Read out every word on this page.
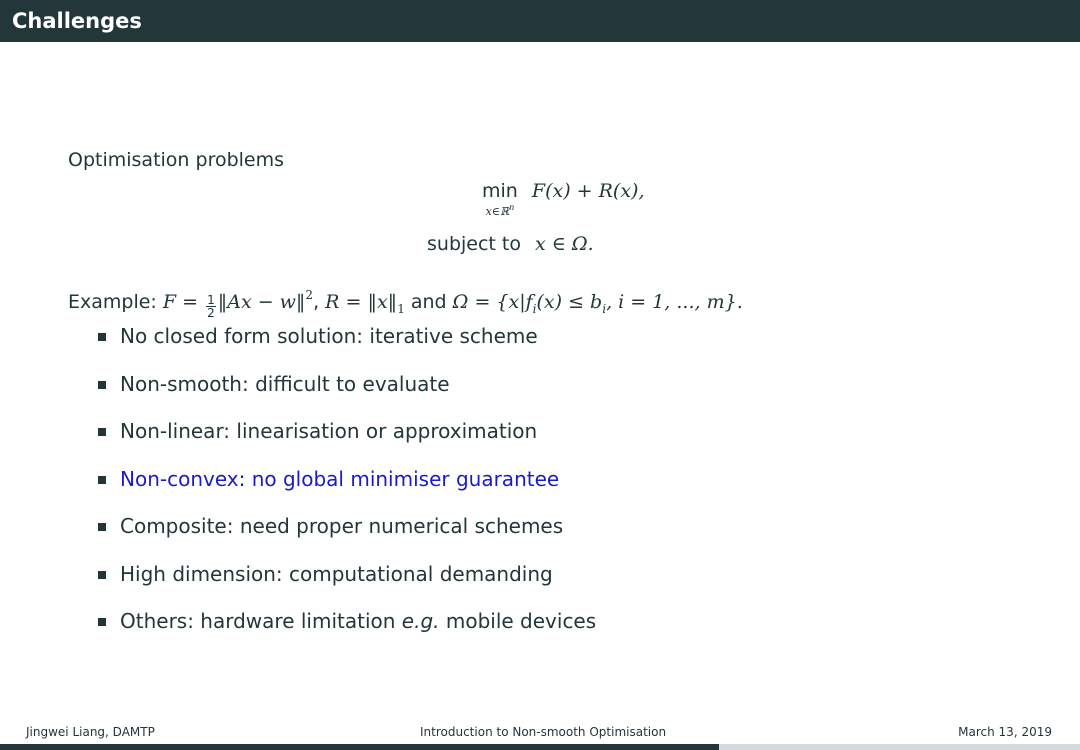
Challenges
Optimisation problems
min
x∈ℝ$^n$
F(x) + R(x),
subject to x ∈ Ω.
Example: $F = \frac{1}{2}$ ‖Ax − w‖$^2$, $R = ‖x‖_1$ and $\Omega = \{x|f_i(x) \le b_i$, i = 1, ..., m}.
No closed form solution: iterative scheme
Non-smooth: difficult to evaluate
Non-linear: linearisation or approximation
Non-convex: no global minimiser guarantee
Composite: need proper numerical schemes
High dimension: computational demanding
Others: hardware limitation e.g. mobile devices
Jingwei Liang, DAMTP	Introduction to Non-smooth Optimisation	March 13, 2019
